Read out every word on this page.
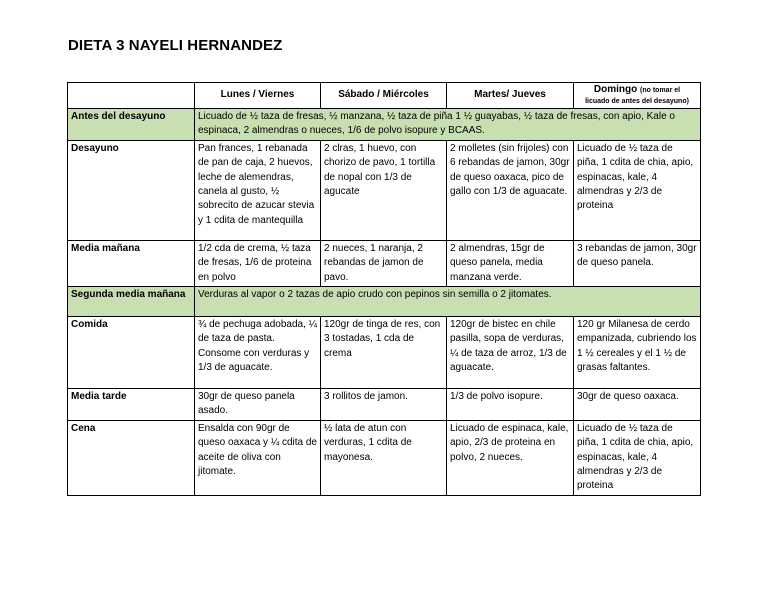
DIETA 3 NAYELI HERNANDEZ
	Lunes / Viernes	Sábado / Miércoles	Martes/ Jueves	Domingo (no tomar el
licuado de antes del desayuno)

Antes del desayuno	Licuado de ½ taza de fresas, ½ manzana, ½ taza de piña 1 ½ guayabas, ½ taza de fresas, con apio, Kale o espinaca, 2 almendras o nueces, 1/6 de polvo isopure y BCAAS.			
Desayuno	Pan frances, 1 rebanada de pan de caja, 2 huevos, leche de alemendras, canela al gusto, ½ sobrecito de azucar stevia y 1 cdita de mantequilla	2 clras, 1 huevo, con chorizo de pavo, 1 tortilla de nopal con 1/3 de agucate	2 molletes (sin frijoles) con 6 rebandas de jamon, 30gr de queso oaxaca, pico de gallo con 1/3 de aguacate.	Licuado de ½ taza de piña, 1 cdita de chia, apio, espinacas, kale, 4 almendras y 2/3 de proteina
Media mañana	1/2 cda de crema, ½ taza de fresas, 1/6 de proteina en polvo	2 nueces, 1 naranja, 2 rebandas de jamon de pavo.	2 almendras, 15gr de queso panela, media manzana verde.	3 rebandas de jamon, 30gr de queso panela.
Segunda media mañana	Verduras al vapor o 2 tazas de apio crudo con pepinos sin semilla o 2 jitomates.			
Comida	¾ de pechuga adobada, ¼ de taza de pasta. Consome con verduras y 1/3 de aguacate.	120gr de tinga de res, con 3 tostadas, 1 cda de crema	120gr de bistec en chile pasilla, sopa de verduras, ¼ de taza de arroz, 1/3 de aguacate.	120 gr Milanesa de cerdo empanizada, cubriendo los 1 ½ cereales y el 1 ½ de grasas faltantes.
Media tarde	30gr de queso panela asado.	3 rollitos de jamon.	1/3 de polvo isopure.	30gr de queso oaxaca.
Cena	Ensalda con 90gr de queso oaxaca y ¼ cdita de aceite de oliva con jitomate.	½ lata de atun con verduras, 1 cdita de mayonesa.	Licuado de espinaca, kale, apio, 2/3 de proteina en polvo, 2 nueces.	Licuado de ½ taza de piña, 1 cdita de chia, apio, espinacas, kale, 4 almendras y 2/3 de proteina
